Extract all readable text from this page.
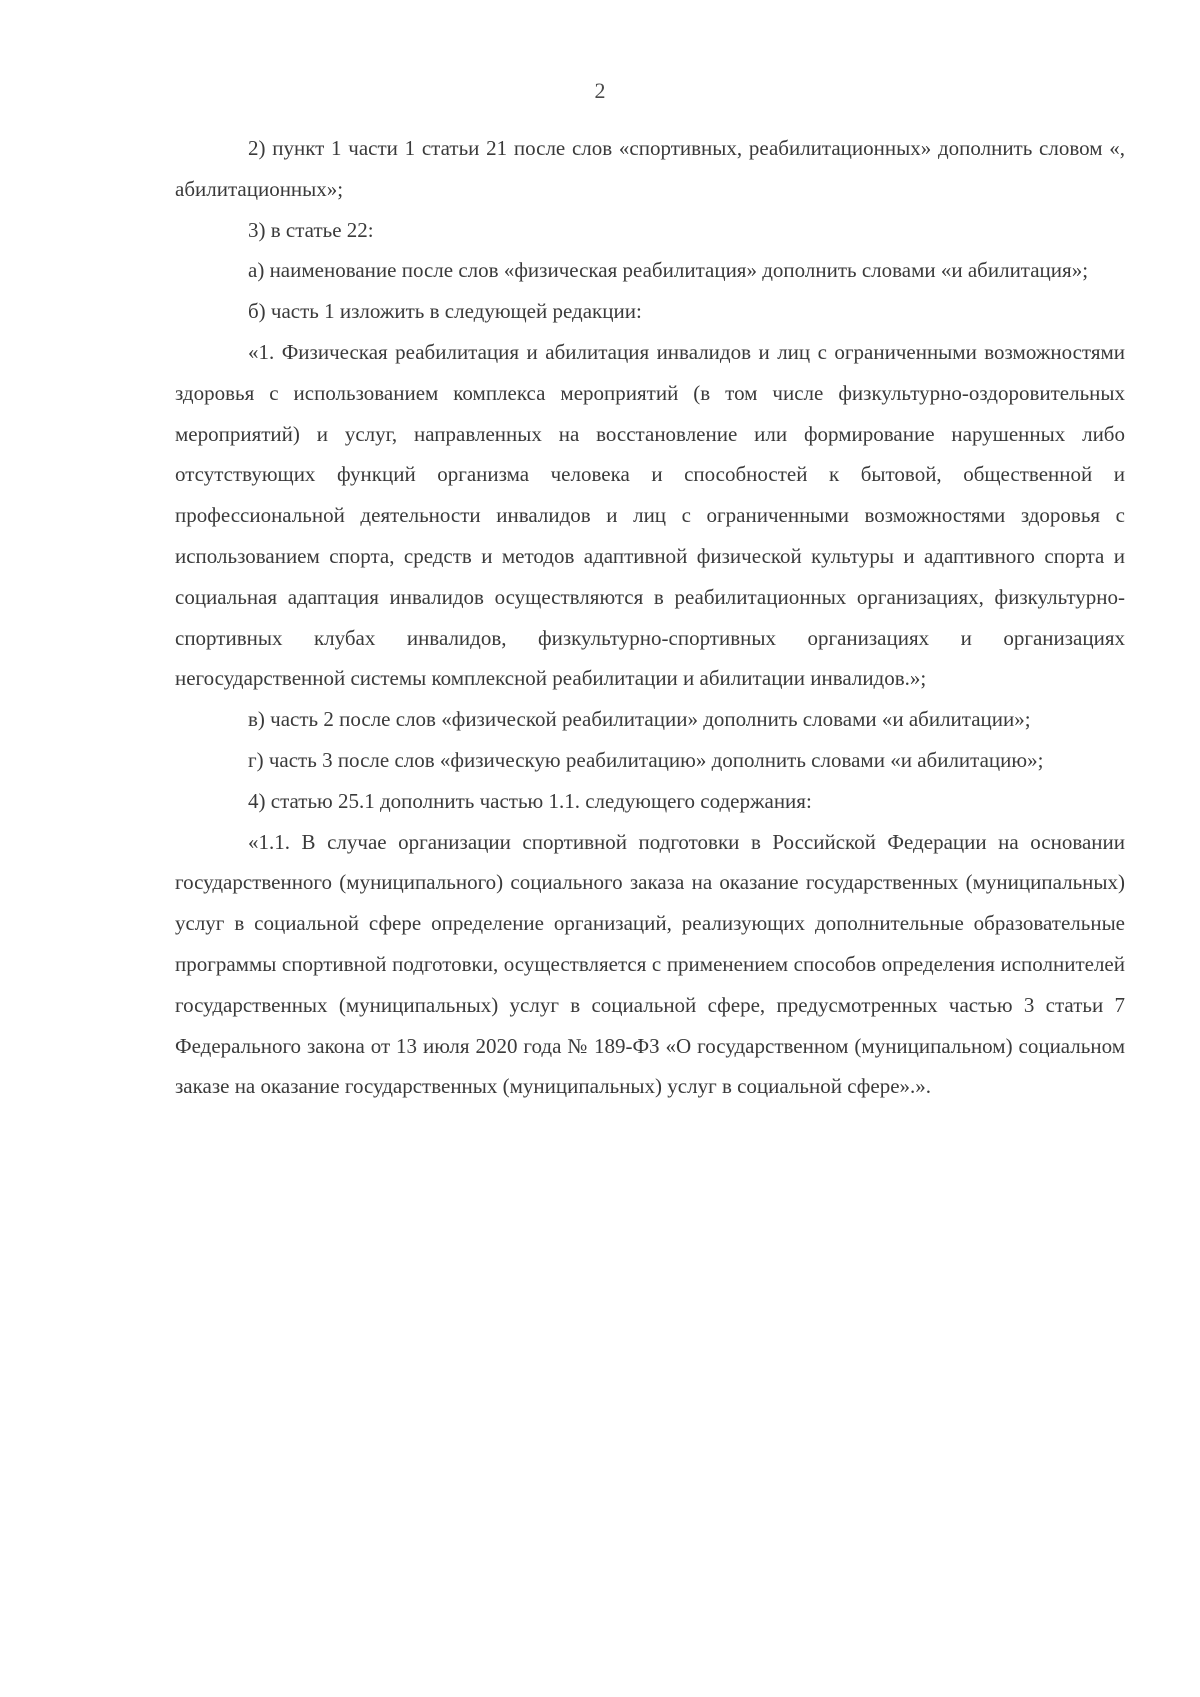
2

2) пункт 1 части 1 статьи 21 после слов «спортивных, реабилитационных» дополнить словом «, абилитационных»;

3) в статье 22:

а) наименование после слов «физическая реабилитация» дополнить словами «и абилитация»;

б) часть 1 изложить в следующей редакции:

«1. Физическая реабилитация и абилитация инвалидов и лиц с ограниченными возможностями здоровья с использованием комплекса мероприятий (в том числе физкультурно-оздоровительных мероприятий) и услуг, направленных на восстановление или формирование нарушенных либо отсутствующих функций организма человека и способностей к бытовой, общественной и профессиональной деятельности инвалидов и лиц с ограниченными возможностями здоровья с использованием спорта, средств и методов адаптивной физической культуры и адаптивного спорта и социальная адаптация инвалидов осуществляются в реабилитационных организациях, физкультурно-спортивных клубах инвалидов, физкультурно-спортивных организациях и организациях негосударственной системы комплексной реабилитации и абилитации инвалидов.»;

в) часть 2 после слов «физической реабилитации» дополнить словами «и абилитации»;

г) часть 3 после слов «физическую реабилитацию» дополнить словами «и абилитацию»;

4) статью 25.1 дополнить частью 1.1. следующего содержания:

«1.1. В случае организации спортивной подготовки в Российской Федерации на основании государственного (муниципального) социального заказа на оказание государственных (муниципальных) услуг в социальной сфере определение организаций, реализующих дополнительные образовательные программы спортивной подготовки, осуществляется с применением способов определения исполнителей государственных (муниципальных) услуг в социальной сфере, предусмотренных частью 3 статьи 7 Федерального закона от 13 июля 2020 года № 189-ФЗ «О государственном (муниципальном) социальном заказе на оказание государственных (муниципальных) услуг в социальной сфере».».
